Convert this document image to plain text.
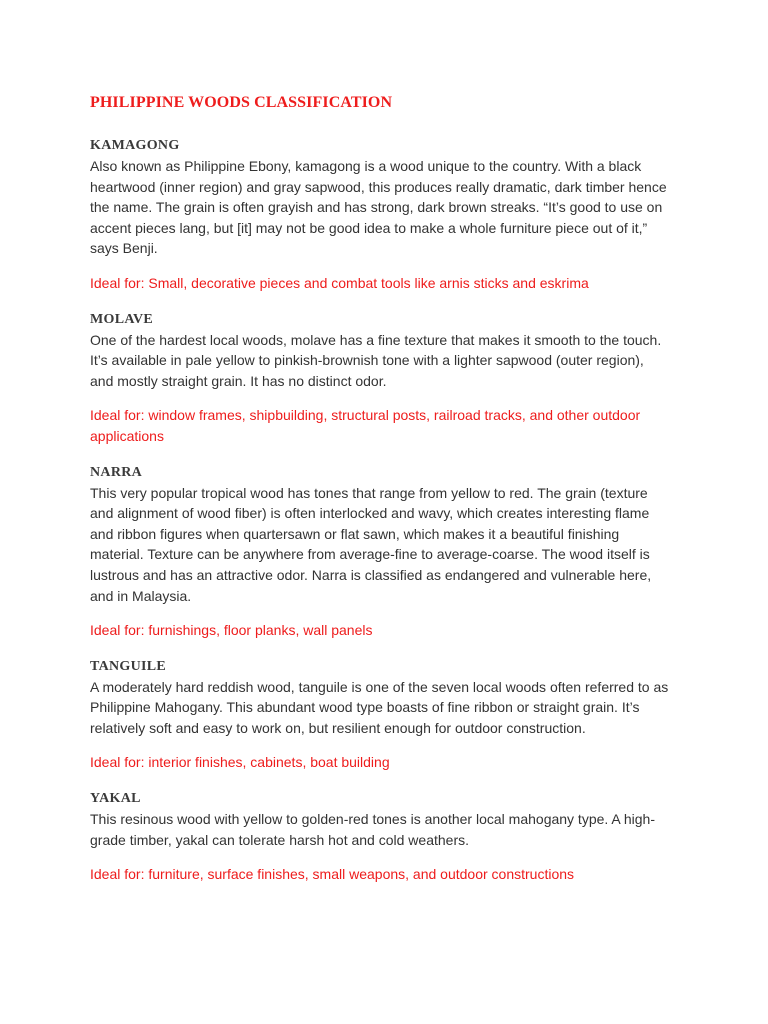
PHILIPPINE WOODS CLASSIFICATION

KAMAGONG

Also known as Philippine Ebony, kamagong is a wood unique to the country. With a black heartwood (inner region) and gray sapwood, this produces really dramatic, dark timber hence the name. The grain is often grayish and has strong, dark brown streaks. “It’s good to use on accent pieces lang, but [it] may not be good idea to make a whole furniture piece out of it,” says Benji.

Ideal for: Small, decorative pieces and combat tools like arnis sticks and eskrima

MOLAVE

One of the hardest local woods, molave has a fine texture that makes it smooth to the touch. It’s available in pale yellow to pinkish-brownish tone with a lighter sapwood (outer region), and mostly straight grain. It has no distinct odor.

Ideal for: window frames, shipbuilding, structural posts, railroad tracks, and other outdoor applications

NARRA

This very popular tropical wood has tones that range from yellow to red. The grain (texture and alignment of wood fiber) is often interlocked and wavy, which creates interesting flame and ribbon figures when quartersawn or flat sawn, which makes it a beautiful finishing material. Texture can be anywhere from average-fine to average-coarse. The wood itself is lustrous and has an attractive odor. Narra is classified as endangered and vulnerable here, and in Malaysia.

Ideal for: furnishings, floor planks, wall panels

TANGUILE

A moderately hard reddish wood, tanguile is one of the seven local woods often referred to as Philippine Mahogany. This abundant wood type boasts of fine ribbon or straight grain. It’s relatively soft and easy to work on, but resilient enough for outdoor construction.

Ideal for: interior finishes, cabinets, boat building

YAKAL

This resinous wood with yellow to golden-red tones is another local mahogany type. A high-grade timber, yakal can tolerate harsh hot and cold weathers.

Ideal for: furniture, surface finishes, small weapons, and outdoor constructions
